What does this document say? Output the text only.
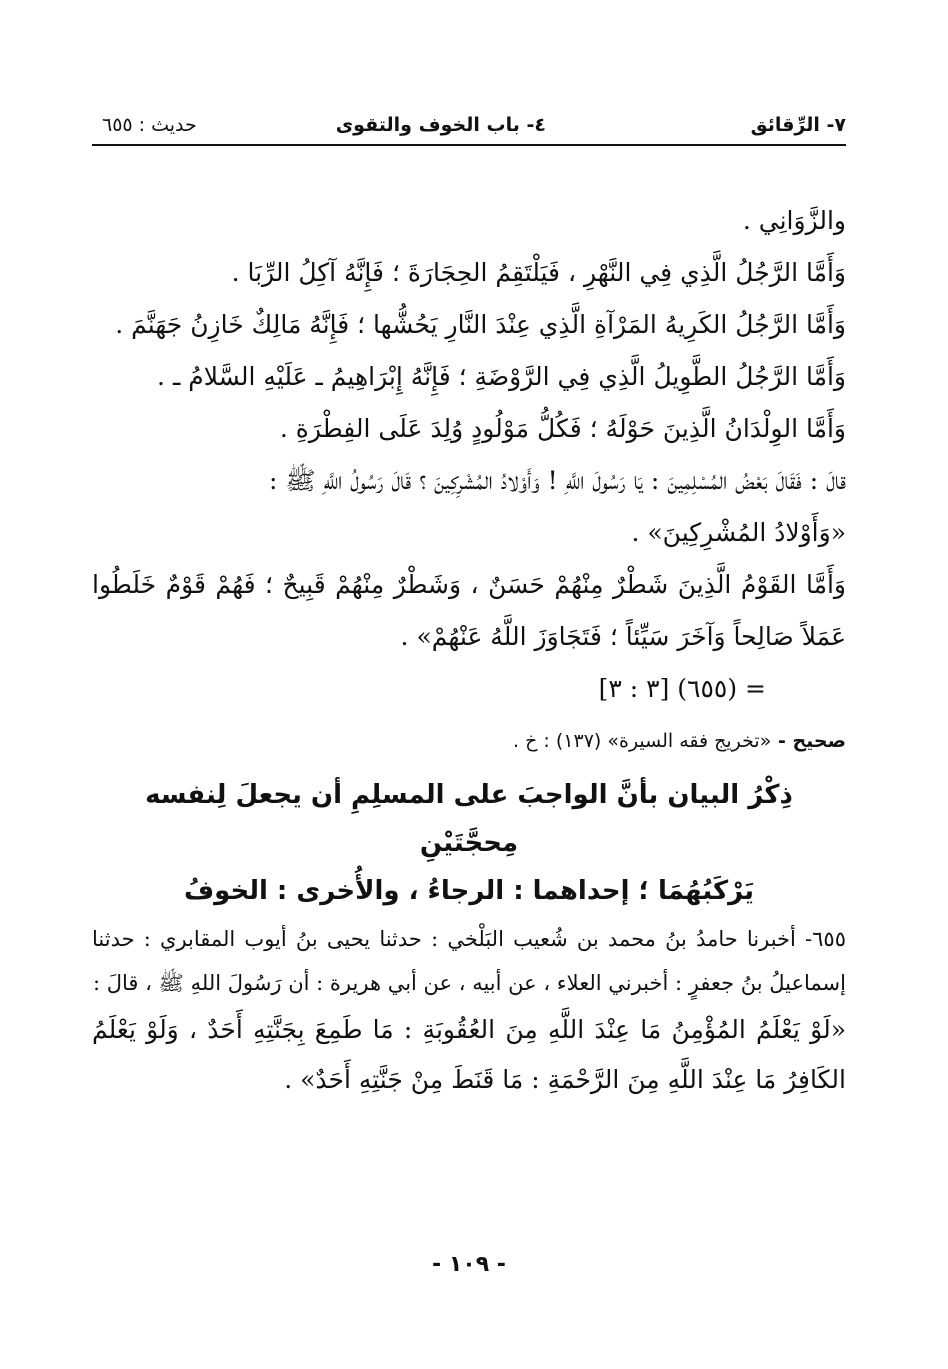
٧- الرِّقائق
٤- باب الخوف والتقوى
حديث : ٦٥٥

والزَّوَانِي .

وَأَمَّا الرَّجُلُ الَّذِي فِي النَّهْرِ ، فَيَلْتَقِمُ الحِجَارَةَ ؛ فَإِنَّهُ آكِلُ الرِّبَا .

وَأَمَّا الرَّجُلُ الكَرِيهُ المَرْآةِ الَّذِي عِنْدَ النَّارِ يَحُشُّها ؛ فَإِنَّهُ مَالِكٌ خَازِنُ جَهَنَّمَ .

وَأَمَّا الرَّجُلُ الطَّوِيلُ الَّذِي فِي الرَّوْضَةِ ؛ فَإِنَّهُ إِبْرَاهِيمُ ـ عَلَيْهِ السَّلامُ ـ .

وَأَمَّا الوِلْدَانُ الَّذِينَ حَوْلَهُ ؛ فَكُلُّ مَوْلُودٍ وُلِدَ عَلَى الفِطْرَةِ .

قالَ : فَقَالَ بَعْضُ المُسْلِمِينَ : يَا رَسُولَ اللَّهِ ! وَأَوْلادُ المُشْرِكِينَ ؟ قَالَ رَسُولُ اللَّهِ ﷺ :

«وَأَوْلادُ المُشْرِكِينَ» .

وَأَمَّا القَوْمُ الَّذِينَ شَطْرٌ مِنْهُمْ حَسَنٌ ، وَشَطْرٌ مِنْهُمْ قَبِيحٌ ؛ فَهُمْ قَوْمٌ خَلَطُوا عَمَلاً صَالِحاً وَآخَرَ سَيِّئاً ؛ فَتَجَاوَزَ اللَّهُ عَنْهُمْ» .

= (٦٥٥) [٣ : ٣]

صحيح - «تخريج فقه السيرة» (١٣٧) : خ .

ذِكْرُ البيان بأنَّ الواجبَ على المسلِمِ أن يجعلَ لِنفسه مِحجَّتَيْنِ
يَرْكَبُهُمَا ؛ إحداهما : الرجاءُ ، والأُخرى : الخوفُ

٦٥٥- أخبرنا حامدُ بنُ محمد بن شُعيب البَلْخي : حدثنا يحيى بنُ أيوب المقابري : حدثنا إسماعيلُ بنُ جعفرٍ : أخبرني العلاء ، عن أبيه ، عن أبي هريرة : أن رَسُولَ اللهِ ﷺ ، قالَ :

«لَوْ يَعْلَمُ المُؤْمِنُ مَا عِنْدَ اللَّهِ مِنَ العُقُوبَةِ : مَا طَمِعَ بِجَنَّتِهِ أَحَدٌ ، وَلَوْ يَعْلَمُ الكَافِرُ مَا عِنْدَ اللَّهِ مِنَ الرَّحْمَةِ : مَا قَنَطَ مِنْ جَنَّتِهِ أَحَدٌ» .

- ١٠٩ -
